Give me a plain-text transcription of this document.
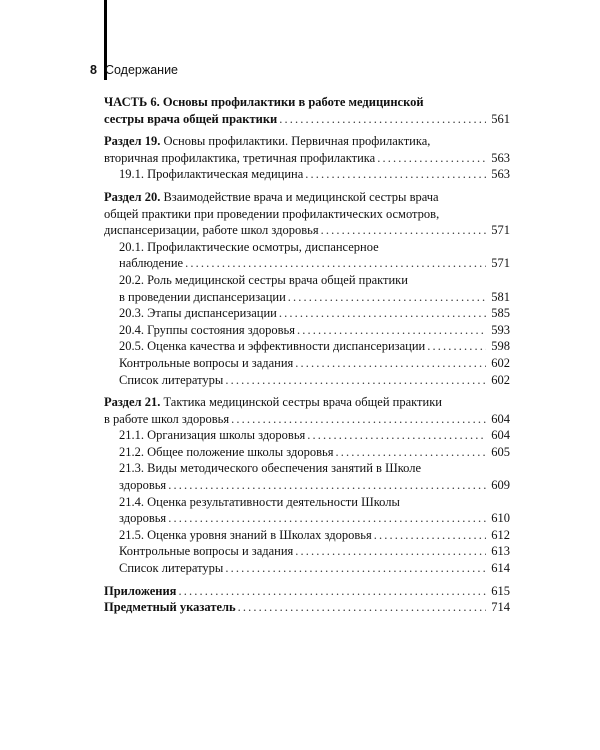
8 Содержание
ЧАСТЬ 6. Основы профилактики в работе медицинской
сестры врача общей практики . . .	561
Раздел 19. Основы профилактики. Первичная профилактика,
вторичная профилактика, третичная профилактика . . .	563
19.1. Профилактическая медицина . . .	563
Раздел 20. Взаимодействие врача и медицинской сестры врача
общей практики при проведении профилактических осмотров,
диспансеризации, работе школ здоровья . . .	571
20.1. Профилактические осмотры, диспансерное
наблюдение . . .	571
20.2. Роль медицинской сестры врача общей практики
в проведении диспансеризации . . .	581
20.3. Этапы диспансеризации . . .	585
20.4. Группы состояния здоровья . . .	593
20.5. Оценка качества и эффективности диспансеризации . . .	598
Контрольные вопросы и задания . . .	602
Список литературы . . .	602
Раздел 21. Тактика медицинской сестры врача общей практики
в работе школ здоровья . . .	604
21.1. Организация школы здоровья . . .	604
21.2. Общее положение школы здоровья . . .	605
21.3. Виды методического обеспечения занятий в Школе
здоровья . . .	609
21.4. Оценка результативности деятельности Школы
здоровья . . .	610
21.5. Оценка уровня знаний в Школах здоровья . . .	612
Контрольные вопросы и задания . . .	613
Список литературы . . .	614
Приложения . . .	615
Предметный указатель . . .	714
